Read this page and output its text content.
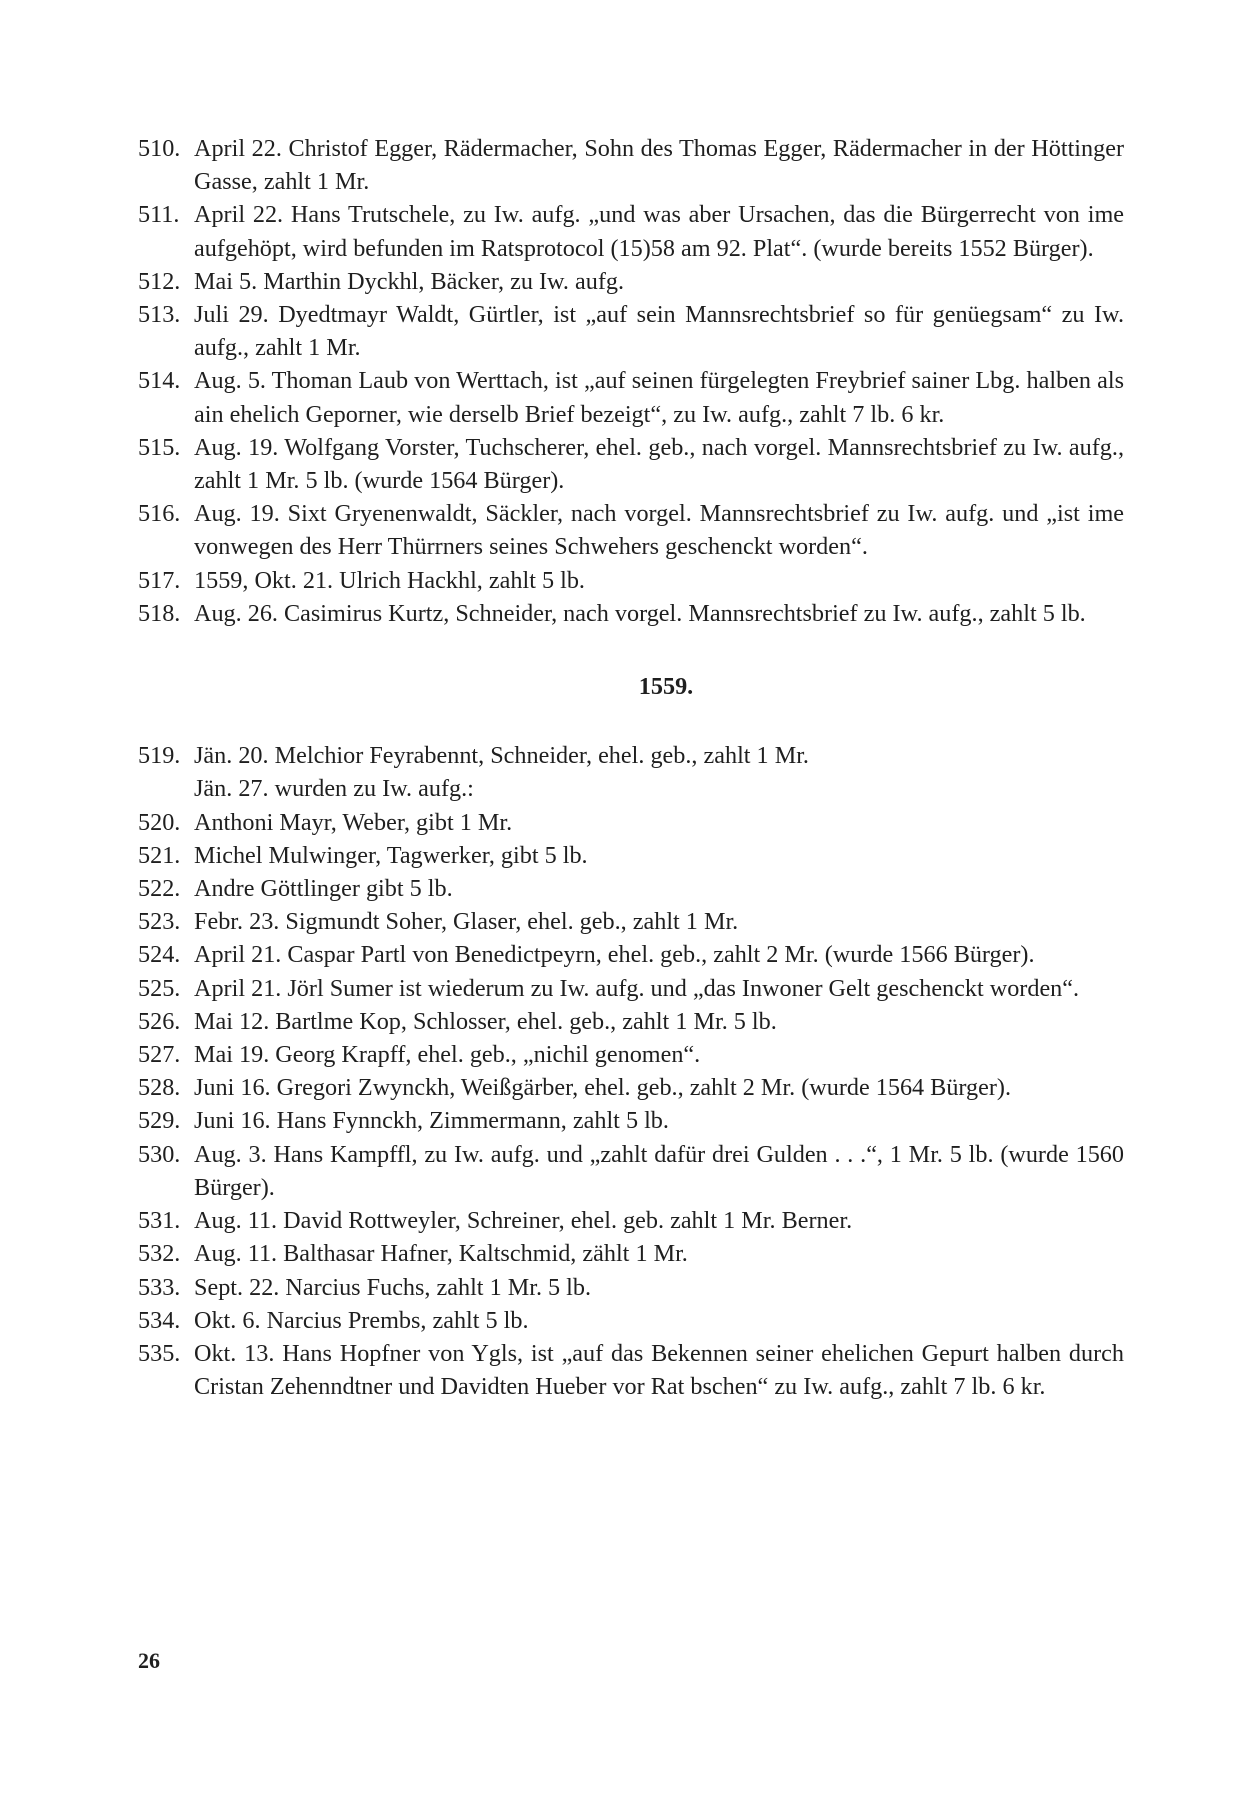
510. April 22. Christof Egger, Rädermacher, Sohn des Thomas Egger, Rädermacher in der Höttinger Gasse, zahlt 1 Mr.
511. April 22. Hans Trutschele, zu Iw. aufg. „und was aber Ursachen, das die Bürgerrecht von ime aufgehöpt, wird befunden im Ratsprotocol (15)58 am 92. Plat“. (wurde bereits 1552 Bürger).
512. Mai 5. Marthin Dyckhl, Bäcker, zu Iw. aufg.
513. Juli 29. Dyedtmayr Waldt, Gürtler, ist „auf sein Mannsrechtsbrief so für genüegsam“ zu Iw. aufg., zahlt 1 Mr.
514. Aug. 5. Thoman Laub von Werttach, ist „auf seinen fürgelegten Freybrief sainer Lbg. halben als ain ehelich Geporner, wie derselb Brief bezeigt“, zu Iw. aufg., zahlt 7 lb. 6 kr.
515. Aug. 19. Wolfgang Vorster, Tuchscherer, ehel. geb., nach vorgel. Mannsrechtsbrief zu Iw. aufg., zahlt 1 Mr. 5 lb. (wurde 1564 Bürger).
516. Aug. 19. Sixt Gryenenwaldt, Säckler, nach vorgel. Mannsrechtsbrief zu Iw. aufg. und „ist ime vonwegen des Herr Thürrners seines Schwehers geschenckt worden“.
517. 1559, Okt. 21. Ulrich Hackhl, zahlt 5 lb.
518. Aug. 26. Casimirus Kurtz, Schneider, nach vorgel. Mannsrechtsbrief zu Iw. aufg., zahlt 5 lb.
1559.
519. Jän. 20. Melchior Feyrabennt, Schneider, ehel. geb., zahlt 1 Mr.
Jän. 27. wurden zu Iw. aufg.:
520. Anthoni Mayr, Weber, gibt 1 Mr.
521. Michel Mulwinger, Tagwerker, gibt 5 lb.
522. Andre Göttlinger gibt 5 lb.
523. Febr. 23. Sigmundt Soher, Glaser, ehel. geb., zahlt 1 Mr.
524. April 21. Caspar Partl von Benedictpeyrn, ehel. geb., zahlt 2 Mr. (wurde 1566 Bürger).
525. April 21. Jörl Sumer ist wiederum zu Iw. aufg. und „das Inwoner Gelt geschenckt worden“.
526. Mai 12. Bartlme Kop, Schlosser, ehel. geb., zahlt 1 Mr. 5 lb.
527. Mai 19. Georg Krapff, ehel. geb., „nichil genomen“.
528. Juni 16. Gregori Zwynckh, Weißgärber, ehel. geb., zahlt 2 Mr. (wurde 1564 Bürger).
529. Juni 16. Hans Fynnckh, Zimmermann, zahlt 5 lb.
530. Aug. 3. Hans Kampffl, zu Iw. aufg. und „zahlt dafür drei Gulden . . .“, 1 Mr. 5 lb. (wurde 1560 Bürger).
531. Aug. 11. David Rottweyler, Schreiner, ehel. geb. zahlt 1 Mr. Berner.
532. Aug. 11. Balthasar Hafner, Kaltschmid, zählt 1 Mr.
533. Sept. 22. Narcius Fuchs, zahlt 1 Mr. 5 lb.
534. Okt. 6. Narcius Prembs, zahlt 5 lb.
535. Okt. 13. Hans Hopfner von Ygls, ist „auf das Bekennen seiner ehelichen Gepurt halben durch Cristan Zehenndtner und Davidten Hueber vor Rat bschen“ zu Iw. aufg., zahlt 7 lb. 6 kr.
26
